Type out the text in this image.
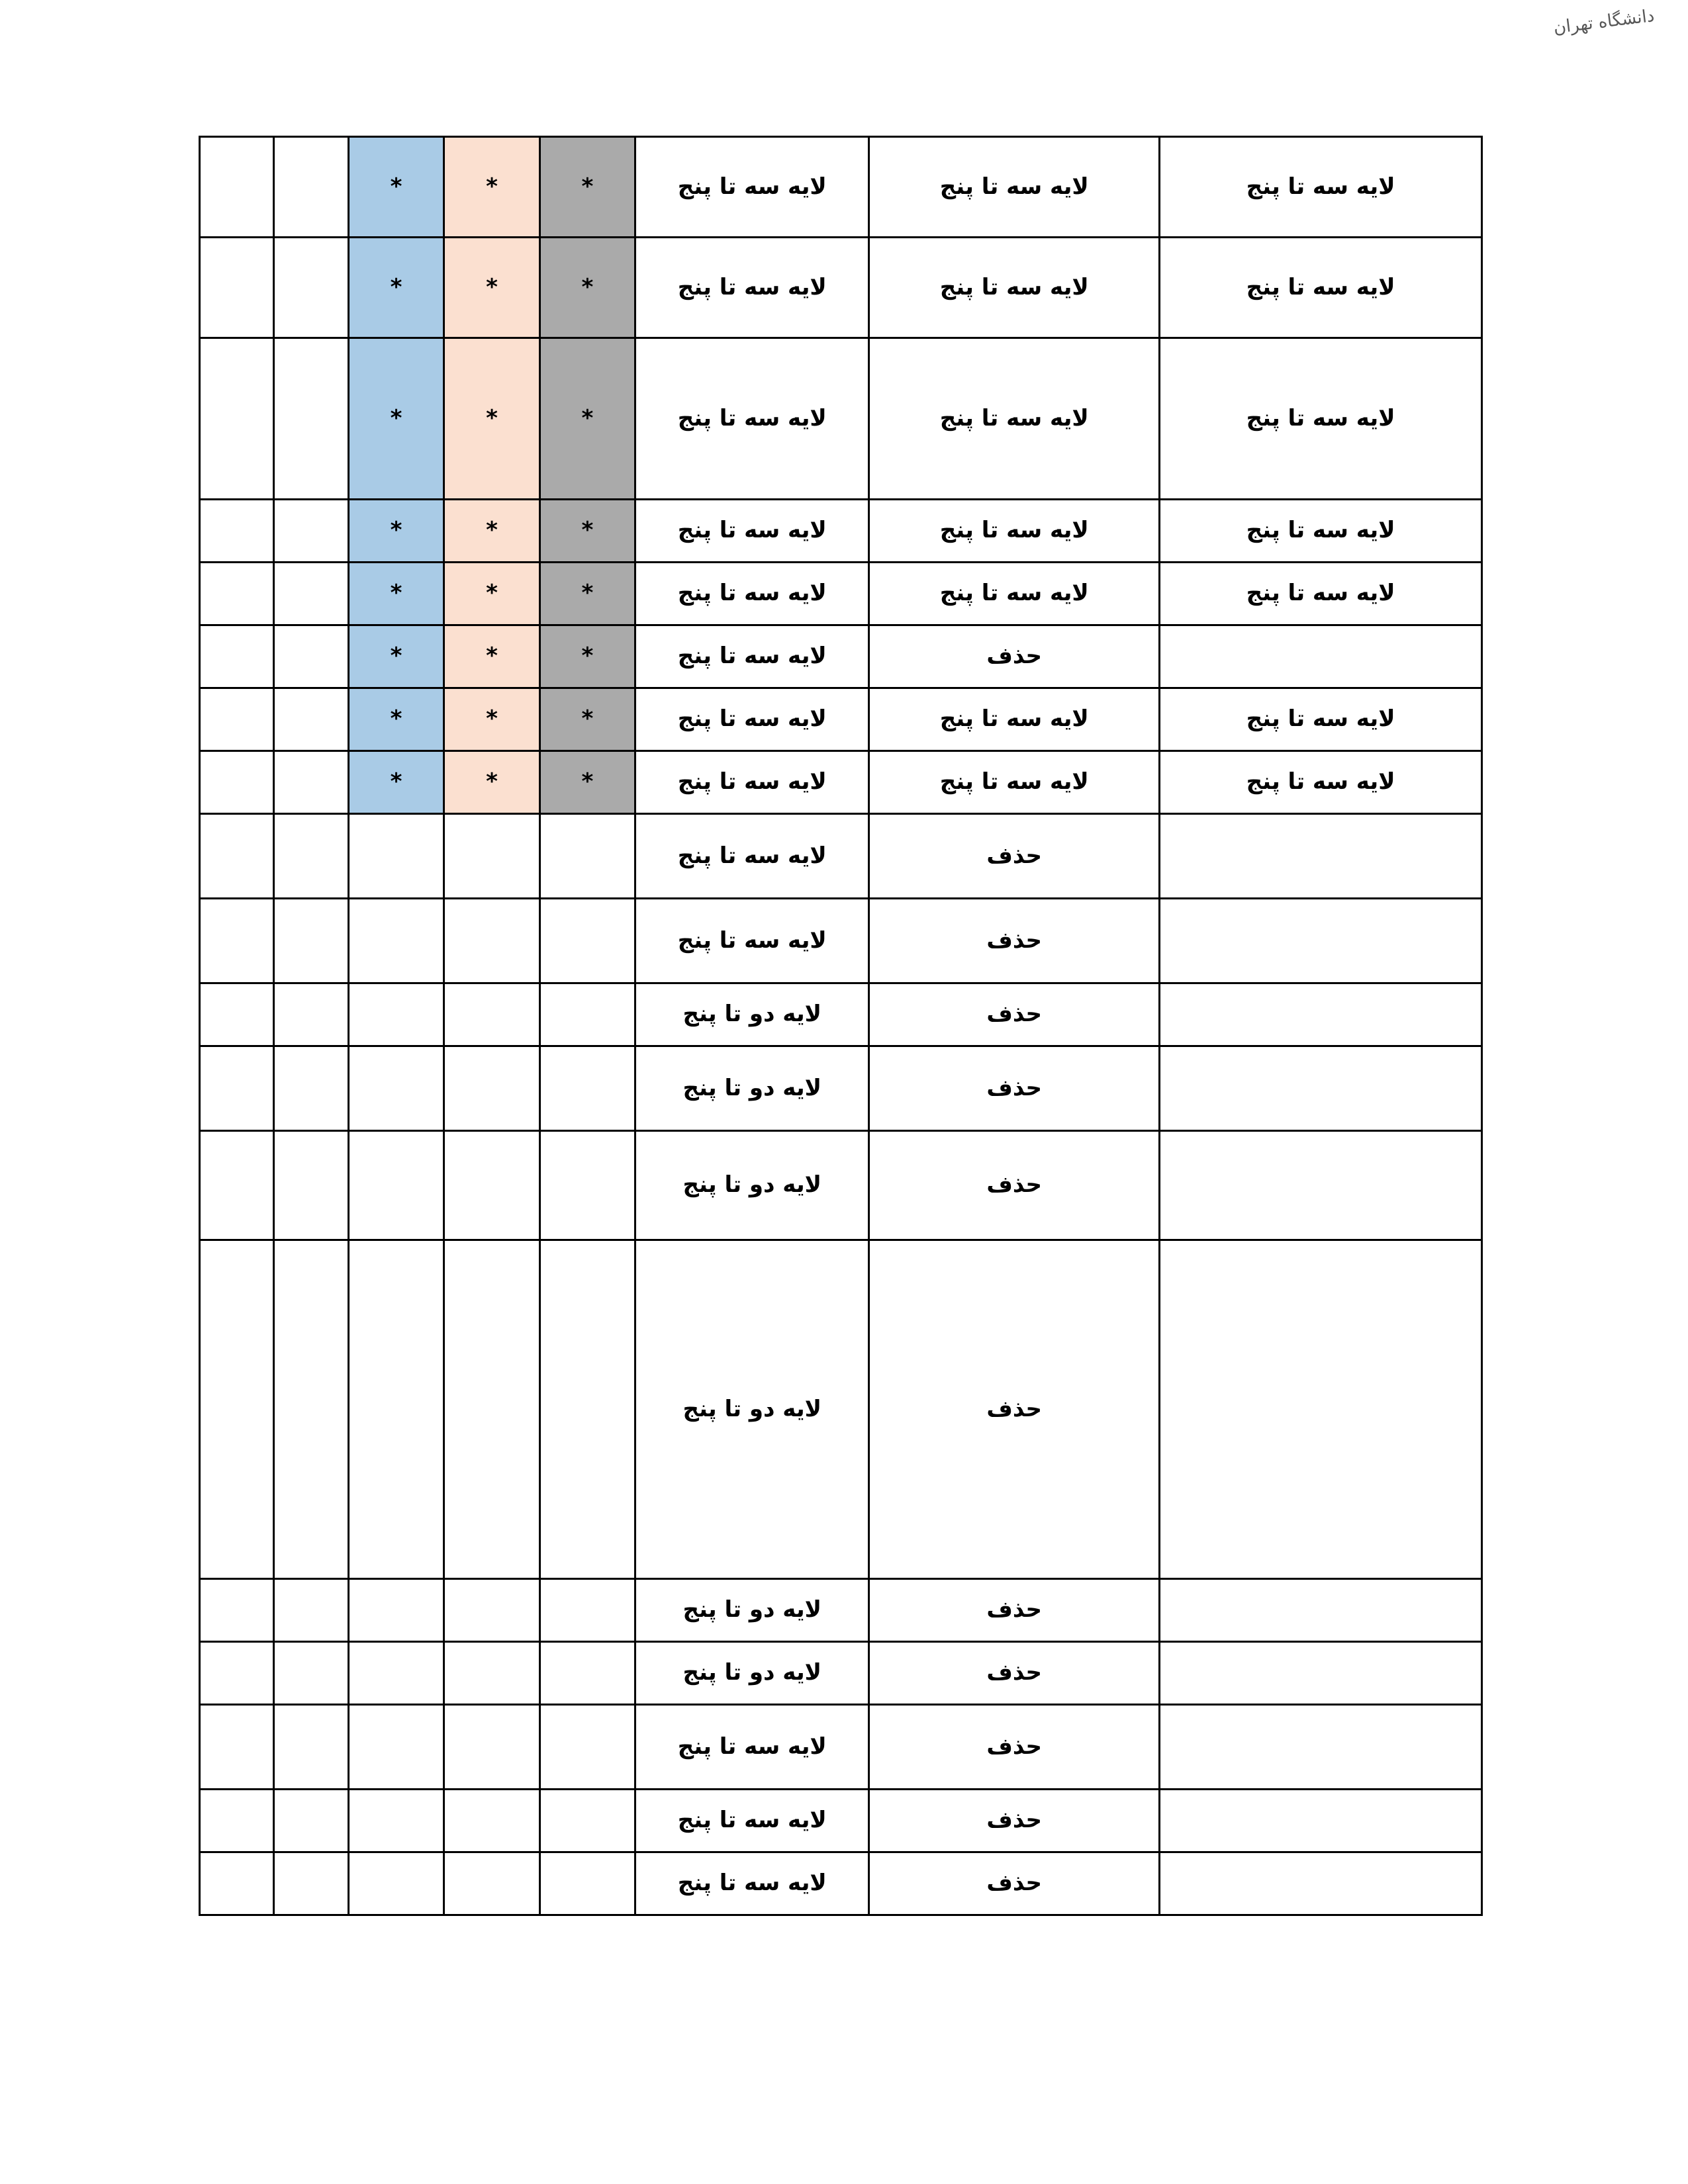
دانشگاه تهران
لایه سه تا پنج	لایه سه تا پنج	لایه سه تا پنج	*	*	*		
لایه سه تا پنج	لایه سه تا پنج	لایه سه تا پنج	*	*	*		
لایه سه تا پنج	لایه سه تا پنج	لایه سه تا پنج	*	*	*		
لایه سه تا پنج	لایه سه تا پنج	لایه سه تا پنج	*	*	*		
لایه سه تا پنج	لایه سه تا پنج	لایه سه تا پنج	*	*	*		
	حذف	لایه سه تا پنج	*	*	*		
لایه سه تا پنج	لایه سه تا پنج	لایه سه تا پنج	*	*	*		
لایه سه تا پنج	لایه سه تا پنج	لایه سه تا پنج	*	*	*		
	حذف	لایه سه تا پنج					
	حذف	لایه سه تا پنج					
	حذف	لایه دو تا پنج					
	حذف	لایه دو تا پنج					
	حذف	لایه دو تا پنج					
	حذف	لایه دو تا پنج					
	حذف	لایه دو تا پنج					
	حذف	لایه دو تا پنج					
	حذف	لایه سه تا پنج					
	حذف	لایه سه تا پنج					
	حذف	لایه سه تا پنج					
